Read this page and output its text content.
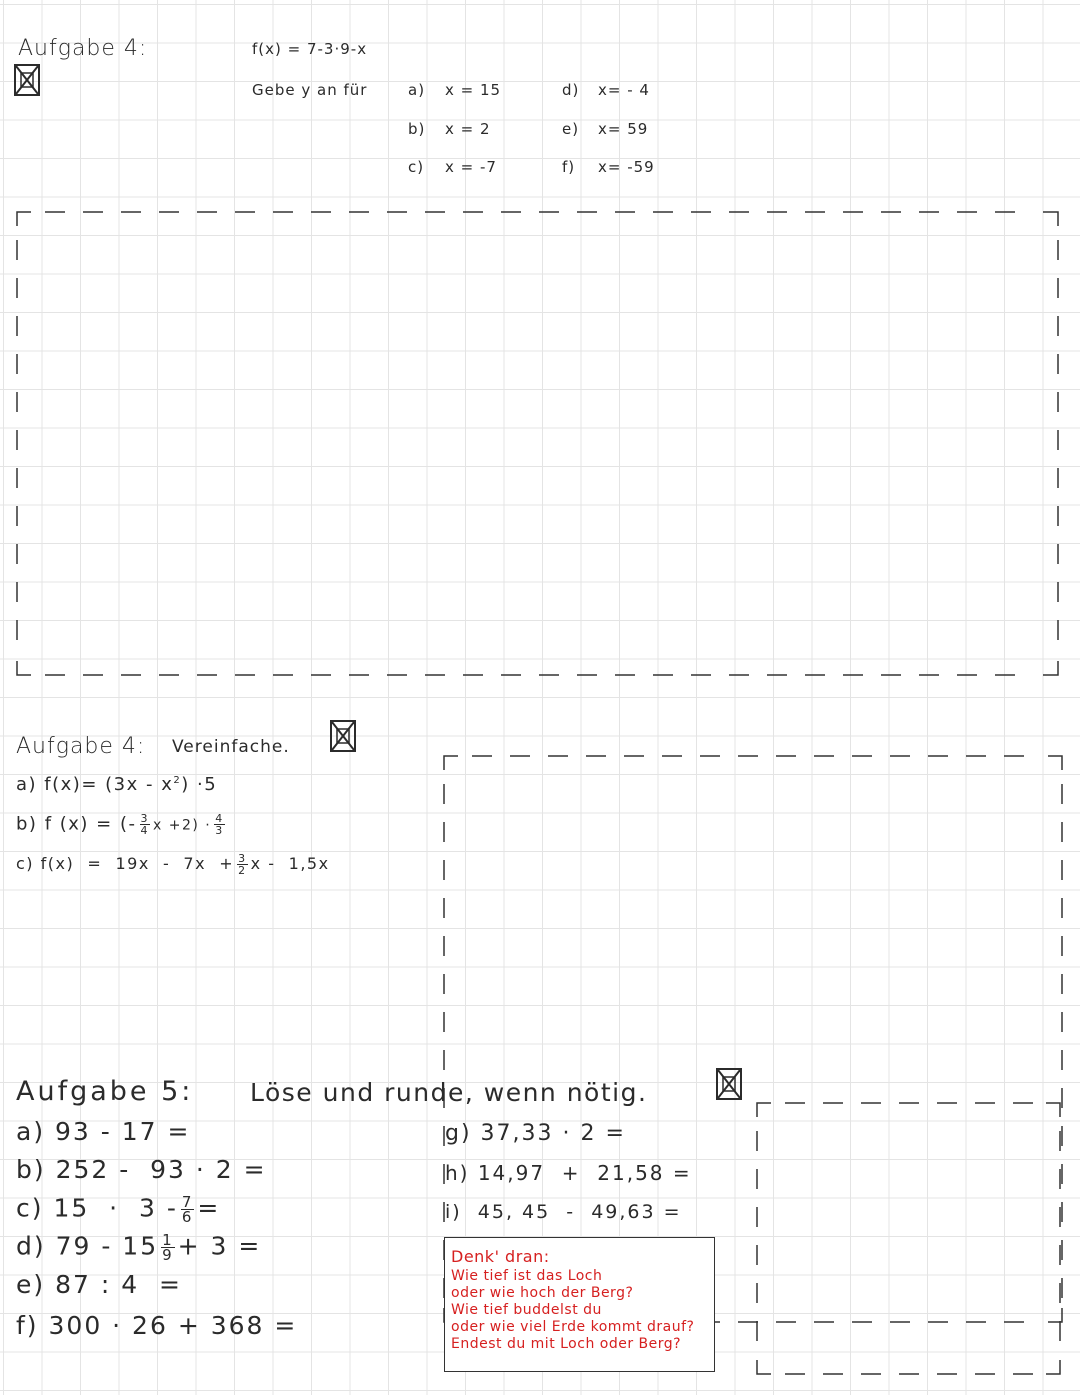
Aufgabe 4:	f(x) = 7-3·9-x
Gebe y an für	a) x = 15
b) x = 2
c) x = -7
d) x= - 4
e) x= 59
f) x= -59
Aufgabe 4: Vereinfache.
a) $f(x)= (3x - x^2) \cdot 5$
b) f (x) = (- $\frac{3}{4}$ $x +2) \cdot \frac{4}{3}$
c) $f(x) = 19x - 7x + \frac{3}{2}$ x -  1,5x
Aufgabe 5: Löse und runde, wenn nötig.
a) 93 - 17 =
b) 252 -  93 · 2 =
c) $15 \cdot 3 - \frac{7}{6}$ =
d) $79 - 15 \frac{1}{9} + 3$ =
e) 87 : 4  =
f) 300 · 26 + 368 =
g) 37,33 · 2 =
h) 14,97  +  21,58 =
i)  45, 45  -  49,63 =
Denk' dran:
Wie tief ist das Loch
oder wie hoch der Berg?
Wie tief buddelst du
oder wie viel Erde kommt drauf?
Endest du mit Loch oder Berg?
